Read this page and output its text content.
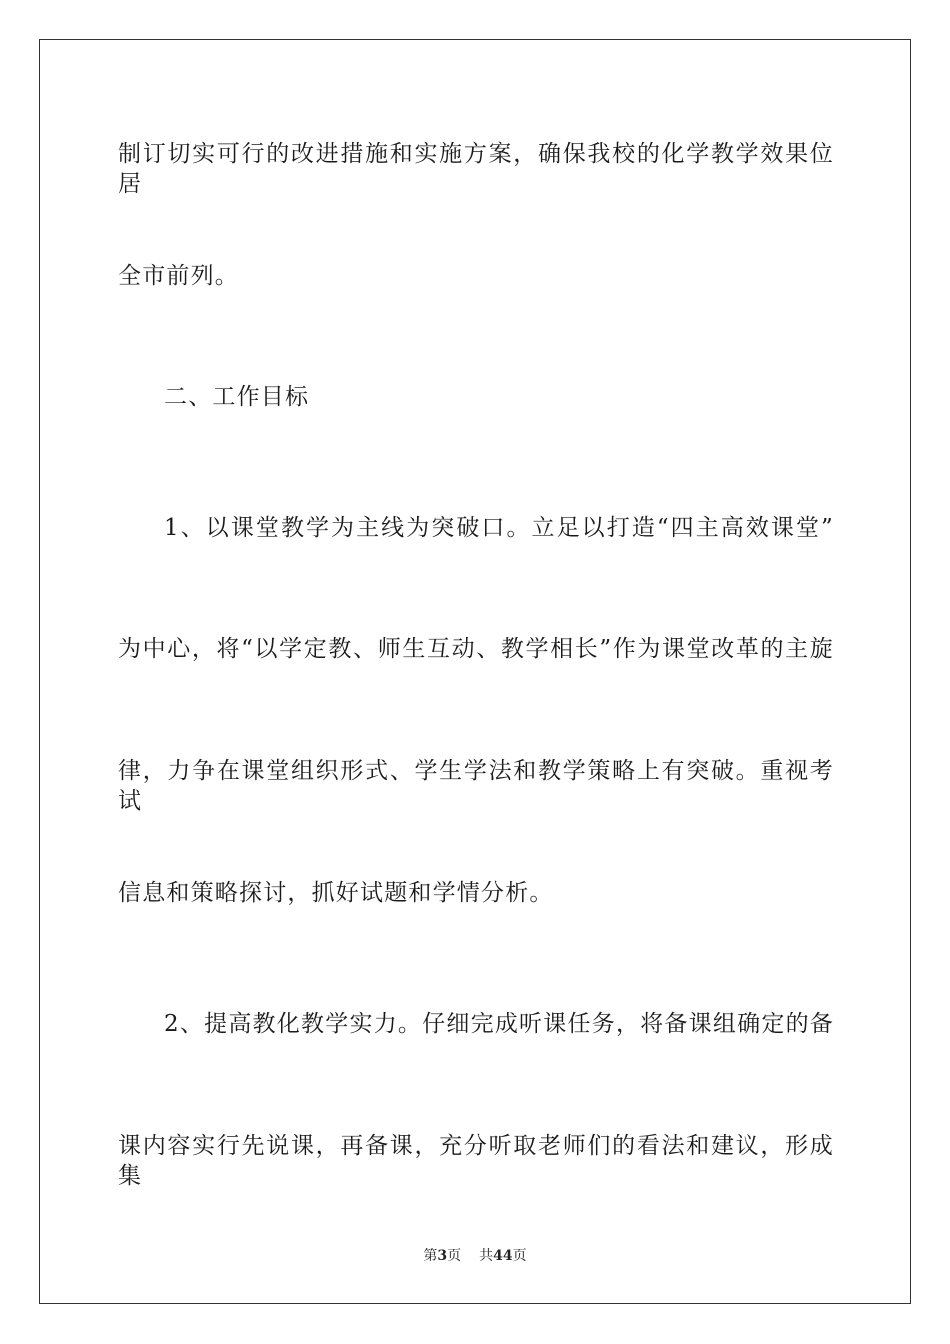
制订切实可行的改进措施和实施方案，确保我校的化学教学效果位居
全市前列。
二、工作目标
1、以课堂教学为主线为突破口。立足以打造“四主高效课堂”
为中心，将“以学定教、师生互动、教学相长”作为课堂改革的主旋
律，力争在课堂组织形式、学生学法和教学策略上有突破。重视考试
信息和策略探讨，抓好试题和学情分析。
2、提高教化教学实力。仔细完成听课任务，将备课组确定的备
课内容实行先说课，再备课，充分听取老师们的看法和建议，形成集
第3页 共44页
